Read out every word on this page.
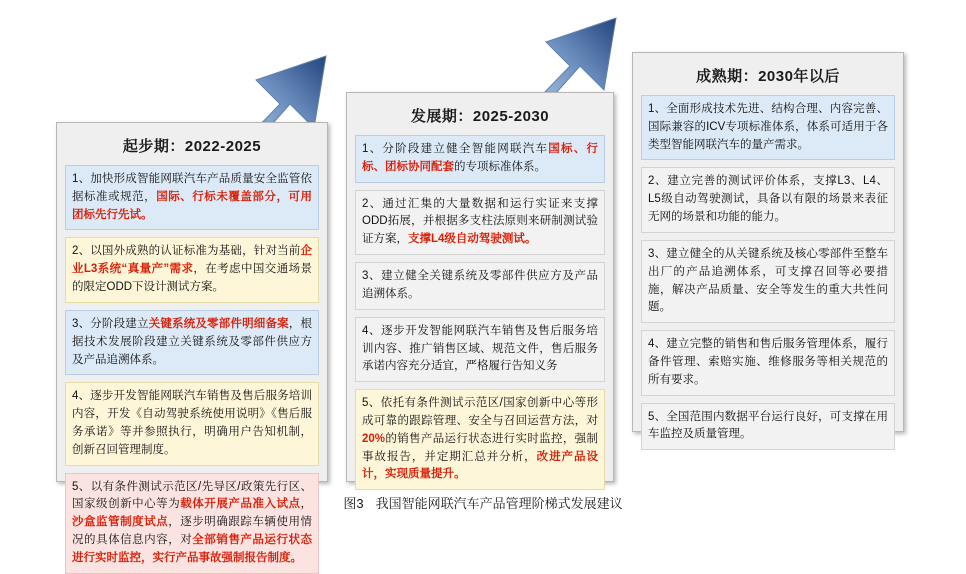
起步期：2022-2025
1、加快形成智能网联汽车产品质量安全监管依据标准或规范，国际、行标未覆盖部分，可用团标先行先试。
2、以国外成熟的认证标准为基础，针对当前企业L3系统“真量产”需求，在考虑中国交通场景的限定ODD下设计测试方案。
3、分阶段建立关键系统及零部件明细备案，根据技术发展阶段建立关键系统及零部件供应方及产品追溯体系。
4、逐步开发智能网联汽车销售及售后服务培训内容，开发《自动驾驶系统使用说明》《售后服务承诺》等并参照执行，明确用户告知机制，创新召回管理制度。
5、以有条件测试示范区/先导区/政策先行区、国家级创新中心等为载体开展产品准入试点，沙盒监管制度试点，逐步明确跟踪车辆使用情况的具体信息内容，对全部销售产品运行状态进行实时监控，实行产品事故强制报告制度。
发展期：2025-2030
1、分阶段建立健全智能网联汽车国标、行标、团标协同配套的专项标准体系。
2、通过汇集的大量数据和运行实证来支撑ODD拓展，并根据多支柱法原则来研制测试验证方案，支撑L4级自动驾驶测试。
3、建立健全关键系统及零部件供应方及产品追溯体系。
4、逐步开发智能网联汽车销售及售后服务培训内容、推广销售区域、规范文件，售后服务承诺内容充分适宜，严格履行告知义务
5、依托有条件测试示范区/国家创新中心等形成可靠的跟踪管理、安全与召回运营方法，对20%的销售产品运行状态进行实时监控，强制事故报告，并定期汇总并分析，改进产品设计，实现质量提升。
成熟期：2030年以后
1、全面形成技术先进、结构合理、内容完善、国际兼容的ICV专项标准体系，体系可适用于各类型智能网联汽车的量产需求。
2、建立完善的测试评价体系，支撑L3、L4、L5级自动驾驶测试，具备以有限的场景来表征无网的场景和功能的能力。
3、建立健全的从关键系统及核心零部件至整车出厂的产品追溯体系，可支撑召回等必要措施，解决产品质量、安全等发生的重大共性问题。
4、建立完整的销售和售后服务管理体系，履行备件管理、索赔实施、维修服务等相关规范的所有要求。
5、全国范围内数据平台运行良好，可支撑在用车监控及质量管理。
图3 我国智能网联汽车产品管理阶梯式发展建议
